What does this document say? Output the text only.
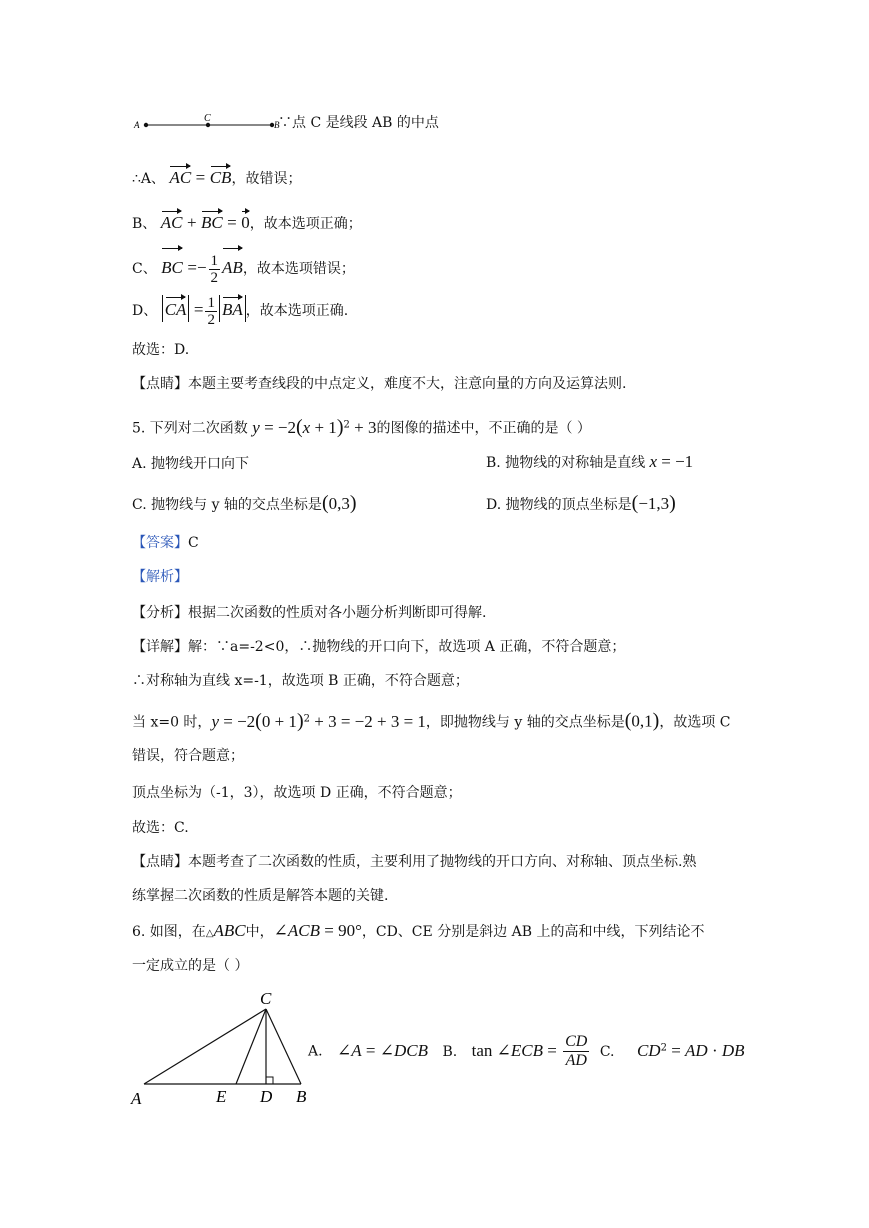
A
C
B
∵点 C 是线段 AB 的中点
∴A、 AC = CB，故错误；
B、 AC + BC = 0，故本选项正确；
C、 BC =− $\frac{1}{2}$ AB，故本选项错误；
D、 CA = $\frac{1}{2}$ BA ，故本选项正确.
故选：D.
【点睛】本题主要考查线段的中点定义，难度不大，注意向量的方向及运算法则.
5. 下列对二次函数 $y = -2(x + 1)^2 + 3$的图像的描述中，不正确的是（ ）
A. 抛物线开口向下	B. 抛物线的对称轴是直线 x = −1
C. 抛物线与 y 轴的交点坐标是(0,3)	D. 抛物线的顶点坐标是(−1,3)
【答案】C
【解析】
【分析】根据二次函数的性质对各小题分析判断即可得解.
【详解】解：∵a=-2<0，∴抛物线的开口向下，故选项 A 正确，不符合题意；
∴对称轴为直线 x=-1，故选项 B 正确，不符合题意；
当 x=0 时，$y = -2(0 + 1)^2 + 3 = -2 + 3 = 1$，即抛物线与 y 轴的交点坐标是(0,1)，故选项 C
错误，符合题意；
顶点坐标为（-1，3），故选项 D 正确，不符合题意；
故选：C.
【点睛】本题考查了二次函数的性质，主要利用了抛物线的开口方向、对称轴、顶点坐标.熟
练掌握二次函数的性质是解答本题的关键.
6. 如图，在△ABC中，∠ACB = 90°，CD、CE 分别是斜边 AB 上的高和中线，下列结论不
一定成立的是（ ）
C
A	E D B
A. ∠A = ∠DCB B. tan ∠ECB = $\frac{CD}{AD} C$. $CD^2$ = AD · DB
